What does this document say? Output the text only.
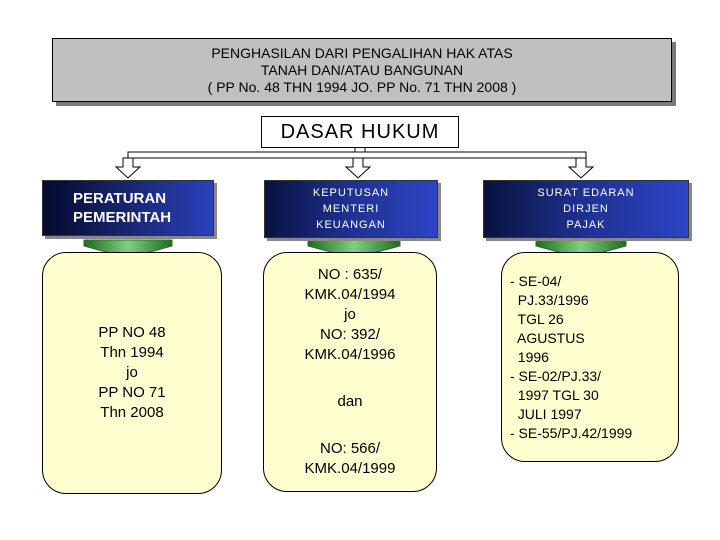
PENGHASILAN DARI PENGALIHAN HAK ATAS
TANAH DAN/ATAU BANGUNAN
( PP No. 48 THN 1994 JO. PP No. 71 THN 2008 )
DASAR HUKUM
PERATURAN
PEMERINTAH
KEPUTUSAN
MENTERI
KEUANGAN
SURAT EDARAN
DIRJEN
PAJAK
PP NO 48
Thn 1994
jo
PP NO 71
Thn 2008
NO : 635/
KMK.04/1994
jo
NO: 392/
KMK.04/1996
dan
NO: 566/
KMK.04/1999
- SE-04/
PJ.33/1996
TGL 26
AGUSTUS
1996
- SE-02/PJ.33/
1997 TGL 30
JULI 1997
- SE-55/PJ.42/1999
